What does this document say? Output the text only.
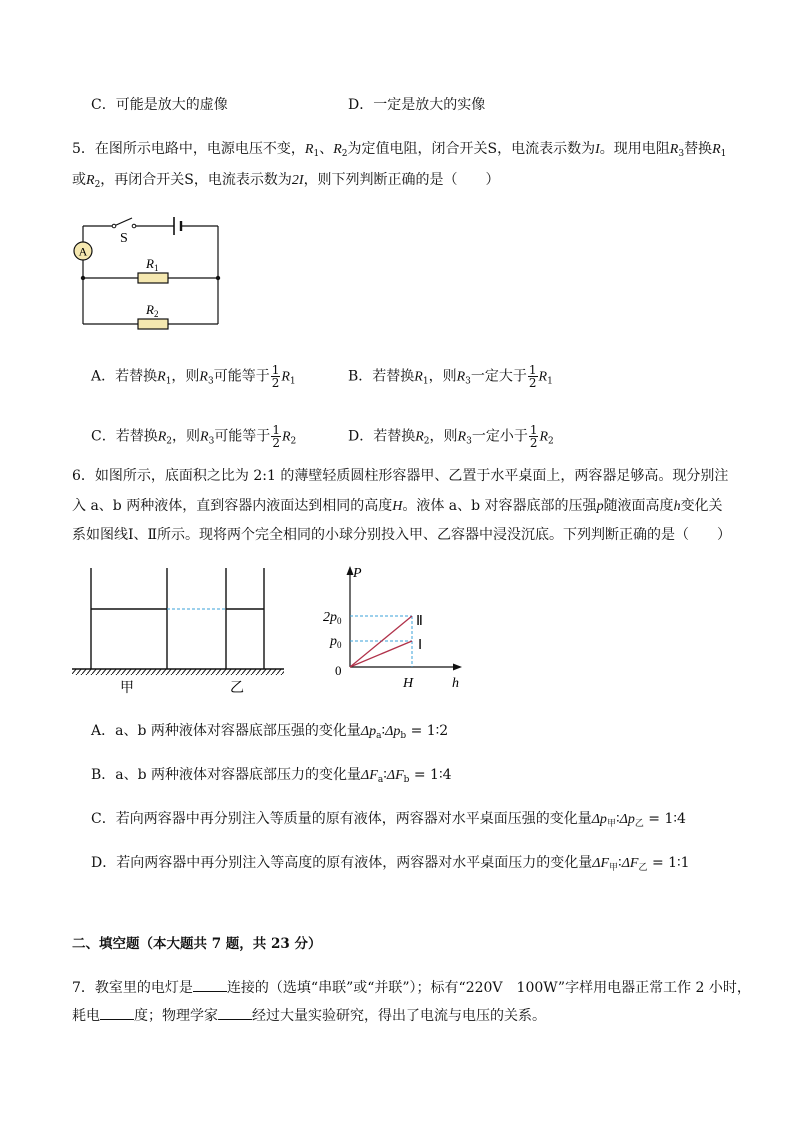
C．可能是放大的虚像	D．一定是放大的实像
5．在图所示电路中，电源电压不变，$R_1$、$R_2$为定值电阻，闭合开关S，电流表示数为I。现用电阻$R_3$替换$R_1$
或$R_2$，再闭合开关S，电流表示数为2I，则下列判断正确的是（　　）
A
S
$R_1$
$R_2$
A．若替换$R_1$，则$R_3$可能等于 $\frac{1}{2} R_1$	B．若替换$R_1$，则$R_3$一定大于 $\frac{1}{2} R_1$
C．若替换$R_2$，则$R_3$可能等于 $\frac{1}{2} R_2$	D．若替换$R_2$，则$R_3$一定小于 $\frac{1}{2} R_2$
6．如图所示，底面积之比为 2:1 的薄壁轻质圆柱形容器甲、乙置于水平桌面上，两容器足够高。现分别注
入 a、b 两种液体，直到容器内液面达到相同的高度H。液体 a、b 对容器底部的压强p随液面高度h变化关
系如图线Ⅰ、Ⅱ所示。现将两个完全相同的小球分别投入甲、乙容器中浸没沉底。下列判断正确的是（　　）
甲	乙
P
h
0
$2p_0$
$p_0$
H
Ⅱ
Ⅰ
A．a、b 两种液体对容器底部压强的变化量$\Delta p_a∶\Delta p_b$ = 1∶2
B．a、b 两种液体对容器底部压力的变化量$\Delta F_a∶\Delta F_b$ = 1∶4
C．若向两容器中再分别注入等质量的原有液体，两容器对水平桌面压强的变化量$\Delta p_甲∶\Delta p_乙$ = 1∶4
D．若向两容器中再分别注入等高度的原有液体，两容器对水平桌面压力的变化量$\Delta F_甲∶\Delta F_乙$ = 1∶1
二、填空题（本大题共 7 题，共 23 分）
7．教室里的电灯是 连接的（选填“串联”或“并联”）；标有“220V　100W”字样用电器正常工作 2 小时，
耗电 度；物理学家 经过大量实验研究，得出了电流与电压的关系。
